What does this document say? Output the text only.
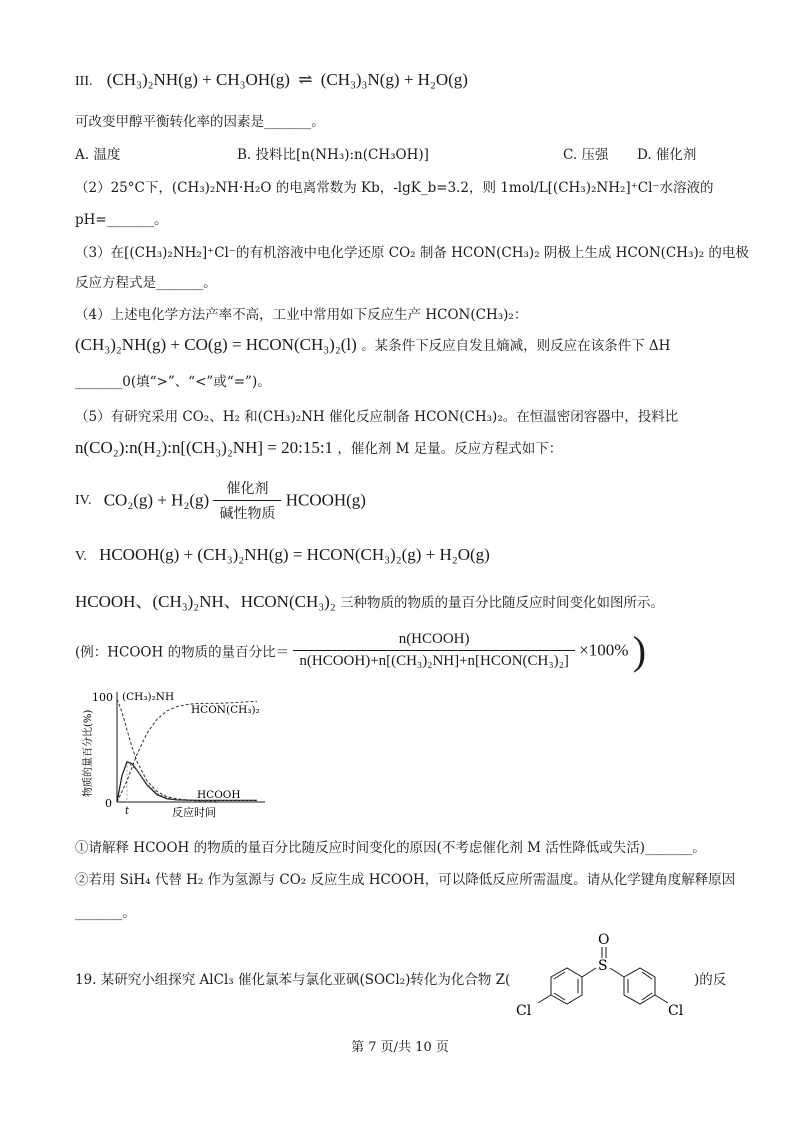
III. (CH₃)₂NH(g) + CH₃OH(g) ⇌ (CH₃)₃N(g) + H₂O(g)
可改变甲醇平衡转化率的因素是_______。
A. 温度	B. 投料比[n(NH₃):n(CH₃OH)]	C. 压强 D. 催化剂
（2）25°C下，(CH₃)₂NH·H₂O 的电离常数为 Kb，-lgK_b=3.2，则 1mol/L[(CH₃)₂NH₂]⁺Cl⁻水溶液的
pH=_______。
（3）在[(CH₃)₂NH₂]⁺Cl⁻的有机溶液中电化学还原 CO₂ 制备 HCON(CH₃)₂ 阴极上生成 HCON(CH₃)₂ 的电极
反应方程式是_______。
（4）上述电化学方法产率不高，工业中常用如下反应生产 HCON(CH₃)₂：
(CH₃)₂NH(g) + CO(g) = HCON(CH₃)₂(l) 。某条件下反应自发且熵减，则反应在该条件下 ΔH
_______0(填“>”、“<”或“=”)。
（5）有研究采用 CO₂、H₂ 和(CH₃)₂NH 催化反应制备 HCON(CH₃)₂。在恒温密闭容器中，投料比
n(CO₂):n(H₂):n[(CH₃)₂NH] = 20:15:1 ，催化剂 M 足量。反应方程式如下：
IV. $CO_2(g) + H_2(g) \frac{\text{催化剂}}{\text{碱性物质}}$ HCOOH(g)
V. HCOOH(g) + (CH₃)₂NH(g) = HCON(CH₃)₂(g) + H₂O(g)
HCOOH、(CH₃)₂NH、HCON(CH₃)₂ 三种物质的物质的量百分比随反应时间变化如图所示。
(例：HCOOH 的物质的量百分比＝ $\frac{\text{n(HCOOH)}}{\text{n(HCOOH)+n[(CH₃)₂NH]+n[HCON(CH₃)₂]}} \times 100\%$ )
100
0
t	反应时间
物质的量百分比(%)
(CH₃)₂NH
HCON(CH₃)₂
HCOOH
①请解释 HCOOH 的物质的量百分比随反应时间变化的原因(不考虑催化剂 M 活性降低或失活)_______。
②若用 SiH₄ 代替 H₂ 作为氢源与 CO₂ 反应生成 HCOOH，可以降低反应所需温度。请从化学键角度解释原因
_______。
19. 某研究小组探究 AlCl₃ 催化氯苯与氯化亚砜(SOCl₂)转化为化合物 Z(	)的反
S
O
Cl	Cl
第 7 页/共 10 页
